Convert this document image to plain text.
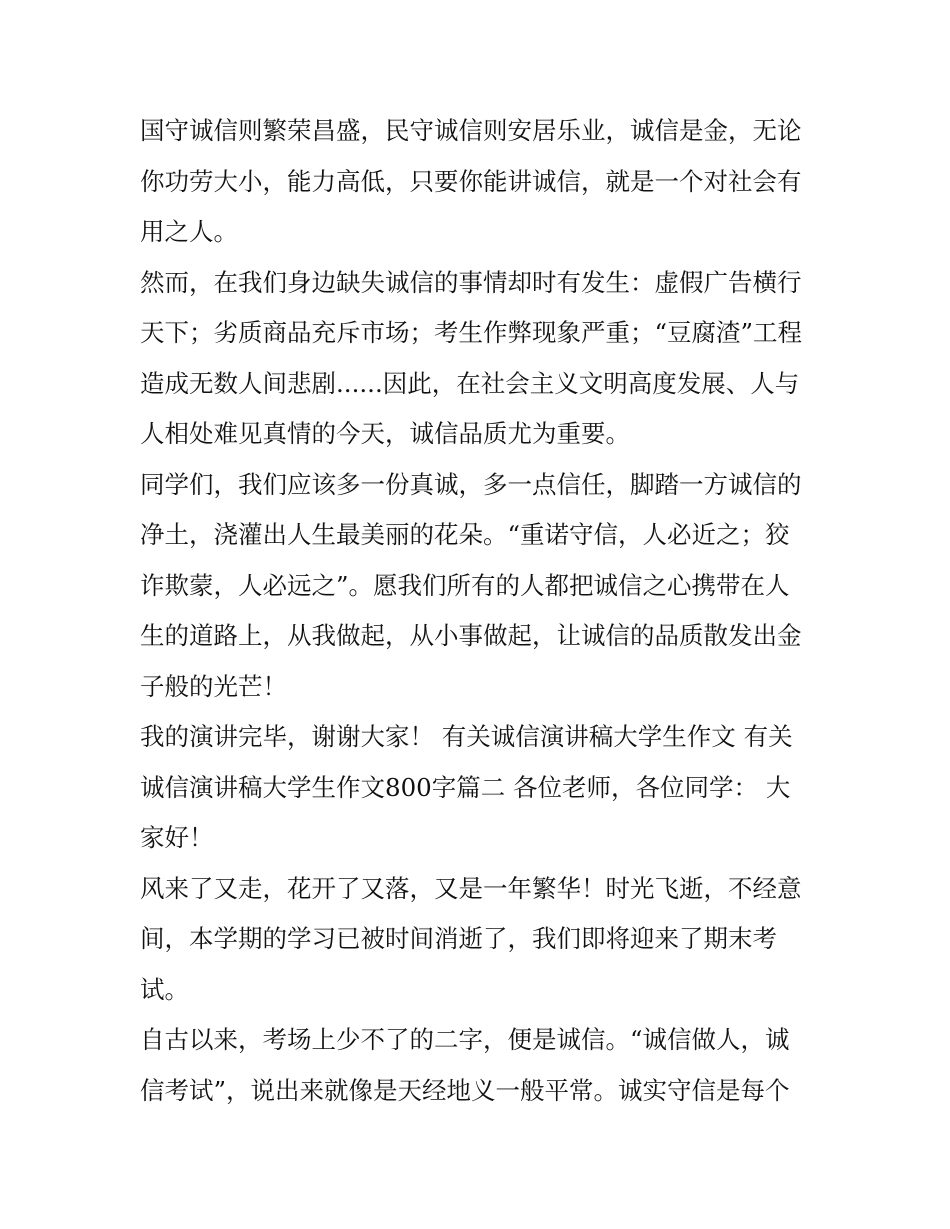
国守诚信则繁荣昌盛，民守诚信则安居乐业，诚信是金，无论
你功劳大小，能力高低，只要你能讲诚信，就是一个对社会有
用之人。
然而，在我们身边缺失诚信的事情却时有发生：虚假广告横行
天下；劣质商品充斥市场；考生作弊现象严重；“豆腐渣”工程
造成无数人间悲剧......因此，在社会主义文明高度发展、人与
人相处难见真情的今天，诚信品质尤为重要。
同学们，我们应该多一份真诚，多一点信任，脚踏一方诚信的
净土，浇灌出人生最美丽的花朵。“重诺守信，人必近之；狡
诈欺蒙，人必远之”。愿我们所有的人都把诚信之心携带在人
生的道路上，从我做起，从小事做起，让诚信的品质散发出金
子般的光芒！
我的演讲完毕，谢谢大家！ 有关诚信演讲稿大学生作文 有关
诚信演讲稿大学生作文800字篇二 各位老师，各位同学： 大
家好！
风来了又走，花开了又落，又是一年繁华！时光飞逝，不经意
间，本学期的学习已被时间消逝了，我们即将迎来了期末考
试。
自古以来，考场上少不了的二字，便是诚信。“诚信做人，诚
信考试”，说出来就像是天经地义一般平常。诚实守信是每个
